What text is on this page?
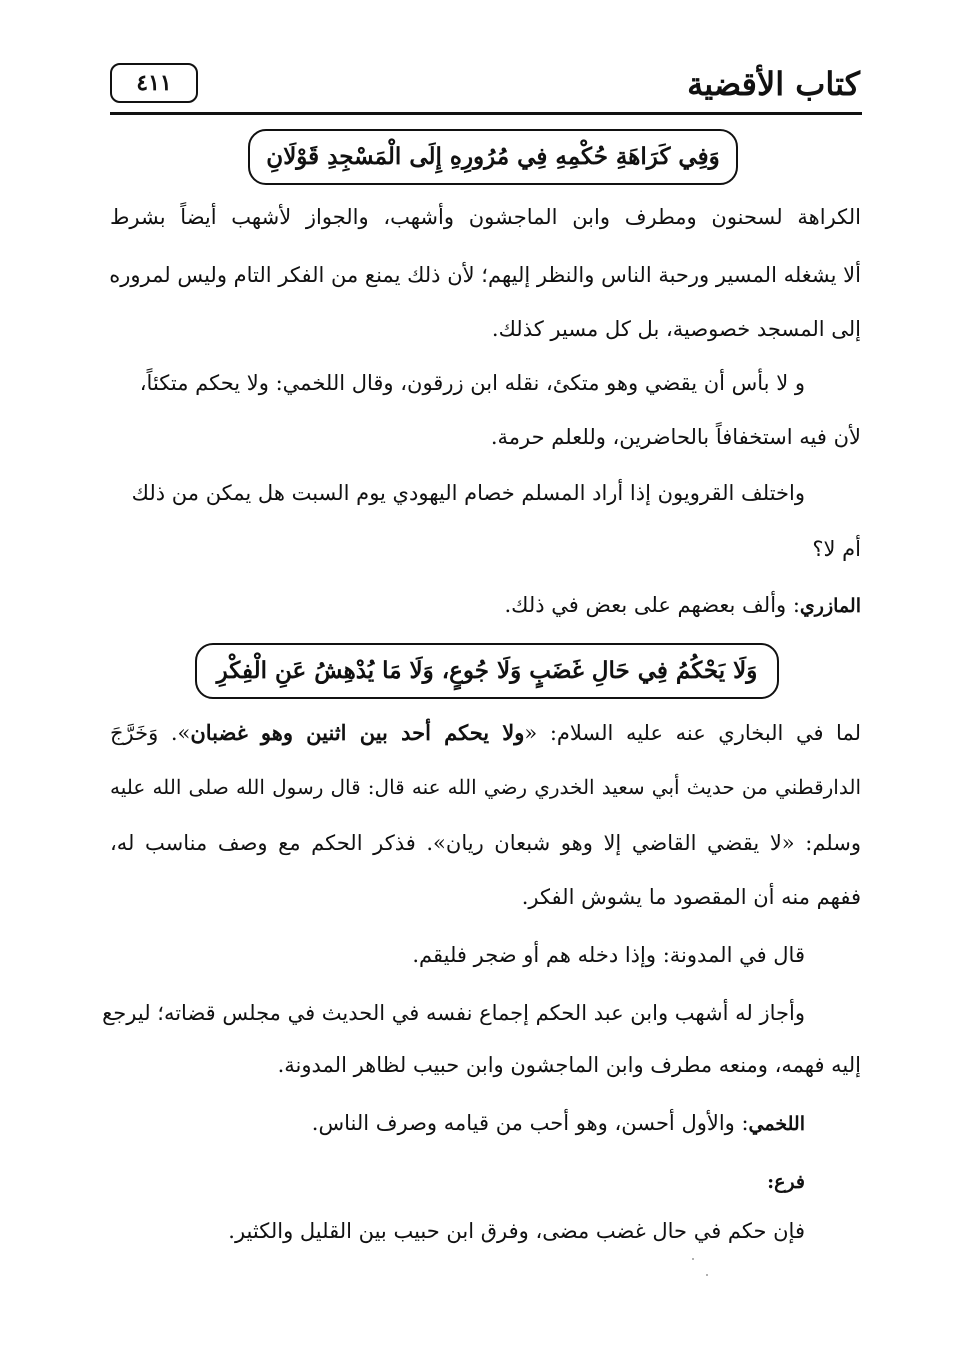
كتاب الأقضية
٤١١
وَفِي كَرَاهَةِ حُكْمِهِ فِي مُرُورِهِ إِلَى الْمَسْجِدِ قَوْلَانِ
الكراهة لسحنون ومطرف وابن الماجشون وأشهب، والجواز لأشهب أيضاً بشرط
ألا يشغله المسير ورحبة الناس والنظر إليهم؛ لأن ذلك يمنع من الفكر التام وليس لمروره
إلى المسجد خصوصية، بل كل مسير كذلك.
و لا بأس أن يقضي وهو متكئ، نقله ابن زرقون، وقال اللخمي: ولا يحكم متكئاً،
لأن فيه استخفافاً بالحاضرين، وللعلم حرمة.
واختلف القرويون إذا أراد المسلم خصام اليهودي يوم السبت هل يمكن من ذلك
أم لا؟
المازري: وألف بعضهم على بعض في ذلك.
وَلَا يَحْكُمُ فِي حَالِ غَضَبٍ وَلَا جُوعٍ، وَلَا مَا يُدْهِشُ عَنِ الْفِكْرِ
لما في البخاري عنه عليه السلام: «ولا يحكم أحد بين اثنين وهو غضبان». وَخَرَّجَ
الدارقطني من حديث أبي سعيد الخدري رضي الله عنه قال: قال رسول الله صلى الله عليه
وسلم: «لا يقضي القاضي إلا وهو شبعان ريان». فذكر الحكم مع وصف مناسب له،
ففهم منه أن المقصود ما يشوش الفكر.
قال في المدونة: وإذا دخله هم أو ضجر فليقم.
وأجاز له أشهب وابن عبد الحكم إجماع نفسه في الحديث في مجلس قضاته؛ ليرجع
إليه فهمه، ومنعه مطرف وابن الماجشون وابن حبيب لظاهر المدونة.
اللخمي: والأول أحسن، وهو أحب من قيامه وصرف الناس.
فرع:
فإن حكم في حال غضب مضى، وفرق ابن حبيب بين القليل والكثير.
